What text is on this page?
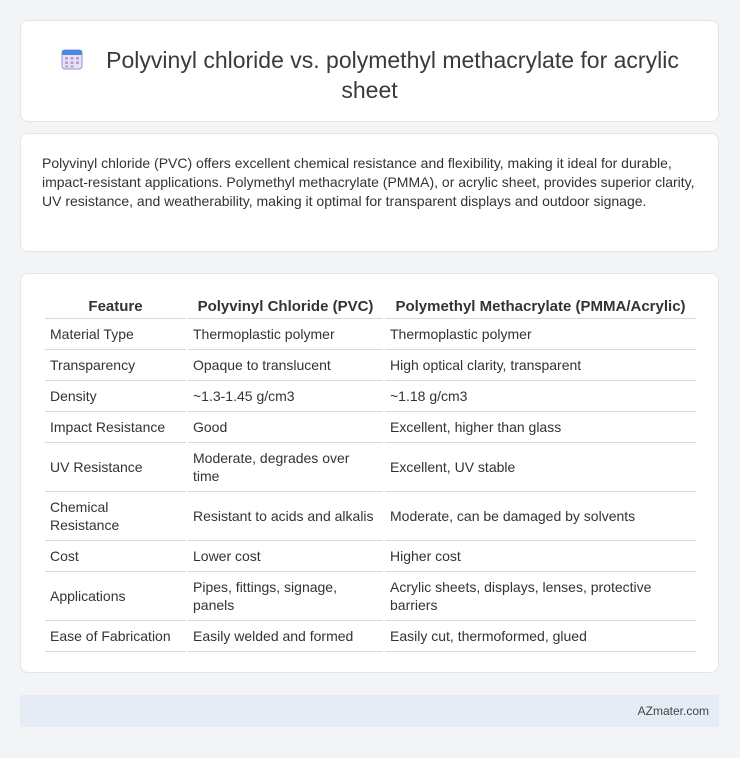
Polyvinyl chloride vs. polymethyl methacrylate for acrylic sheet

Polyvinyl chloride (PVC) offers excellent chemical resistance and flexibility, making it ideal for durable, impact-resistant applications. Polymethyl methacrylate (PMMA), or acrylic sheet, provides superior clarity, UV resistance, and weatherability, making it optimal for transparent displays and outdoor signage.

Feature	Polyvinyl Chloride (PVC)	Polymethyl Methacrylate (PMMA/Acrylic)
Material Type	Thermoplastic polymer	Thermoplastic polymer
Transparency	Opaque to translucent	High optical clarity, transparent
Density	~1.3-1.45 g/cm3	~1.18 g/cm3
Impact Resistance	Good	Excellent, higher than glass
UV Resistance	Moderate, degrades over time	Excellent, UV stable
Chemical Resistance	Resistant to acids and alkalis	Moderate, can be damaged by solvents
Cost	Lower cost	Higher cost
Applications	Pipes, fittings, signage, panels	Acrylic sheets, displays, lenses, protective barriers
Ease of Fabrication	Easily welded and formed	Easily cut, thermoformed, glued
AZmater.com
